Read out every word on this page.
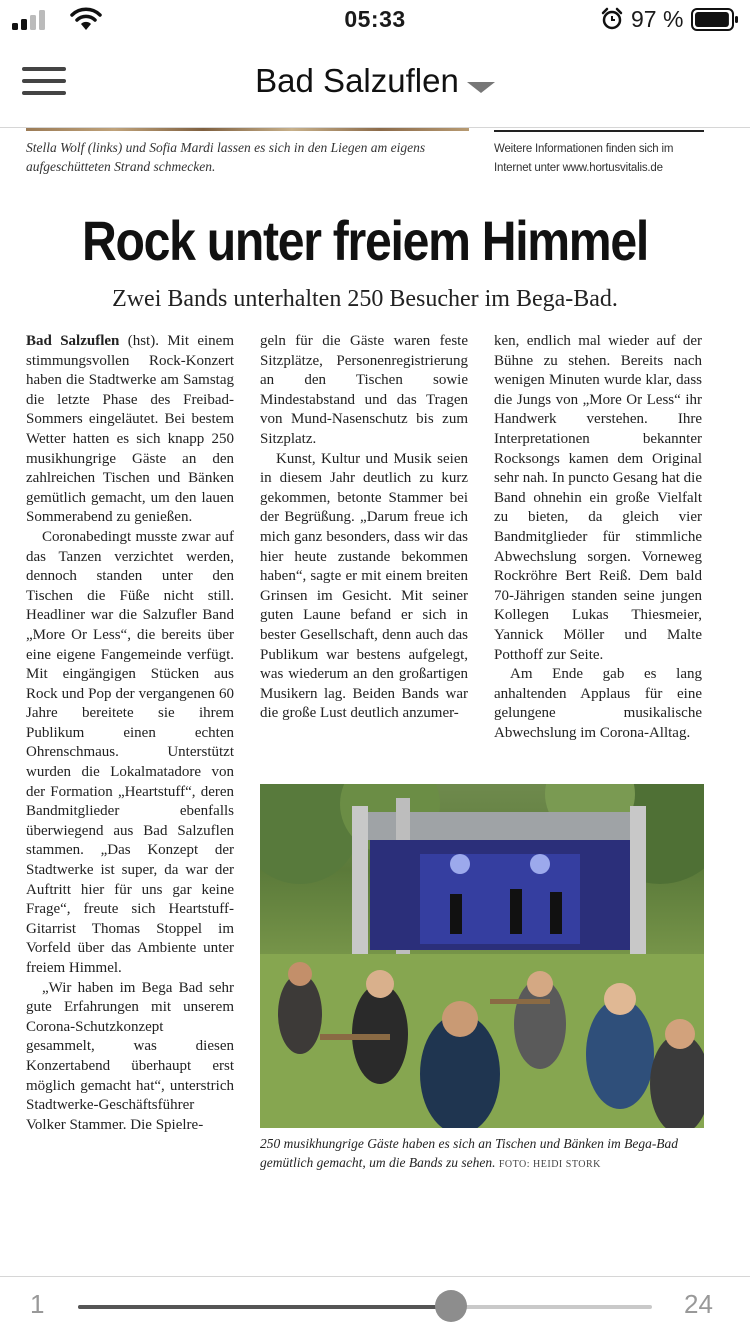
05:33	97 %
Bad Salzuflen
Stella Wolf (links) und Sofia Mardi lassen es sich in den Liegen am eigens aufgeschütteten Strand schmecken.
Weitere Informationen finden sich im Internet unter www.hortusvitalis.de
Rock unter freiem Himmel
Zwei Bands unterhalten 250 Besucher im Bega-Bad.

Bad Salzuflen (hst). Mit einem stimmungsvollen Rock-Konzert haben die Stadtwerke am Samstag die letzte Phase des Freibad-Sommers eingeläutet. Bei bestem Wetter hatten es sich knapp 250 musikhungrige Gäste an den zahlreichen Tischen und Bänken gemütlich gemacht, um den lauen Sommerabend zu genießen.

Coronabedingt musste zwar auf das Tanzen verzichtet werden, dennoch standen unter den Tischen die Füße nicht still. Headliner war die Salzufler Band „More Or Less“, die bereits über eine eigene Fangemeinde verfügt. Mit eingängigen Stücken aus Rock und Pop der vergangenen 60 Jahre bereitete sie ihrem Publikum einen echten Ohrenschmaus. Unterstützt wurden die Lokalmatadore von der Formation „Heartstuff“, deren Bandmitglieder ebenfalls überwiegend aus Bad Salzuflen stammen. „Das Konzept der Stadtwerke ist super, da war der Auftritt hier für uns gar keine Frage“, freute sich Heartstuff-Gitarrist Thomas Stoppel im Vorfeld über das Ambiente unter freiem Himmel.

„Wir haben im Bega Bad sehr gute Erfahrungen mit unserem Corona-Schutzkonzept gesammelt, was diesen Konzertabend überhaupt erst möglich gemacht hat“, unterstrich Stadtwerke-Geschäftsführer Volker Stammer. Die Spielre-

geln für die Gäste waren feste Sitzplätze, Personenregistrierung an den Tischen sowie Mindestabstand und das Tragen von Mund-Nasenschutz bis zum Sitzplatz.

Kunst, Kultur und Musik seien in diesem Jahr deutlich zu kurz gekommen, betonte Stammer bei der Begrüßung. „Darum freue ich mich ganz besonders, dass wir das hier heute zustande bekommen haben“, sagte er mit einem breiten Grinsen im Gesicht. Mit seiner guten Laune befand er sich in bester Gesellschaft, denn auch das Publikum war bestens aufgelegt, was wiederum an den großartigen Musikern lag. Beiden Bands war die große Lust deutlich anzumer-

ken, endlich mal wieder auf der Bühne zu stehen. Bereits nach wenigen Minuten wurde klar, dass die Jungs von „More Or Less“ ihr Handwerk verstehen. Ihre Interpretationen bekannter Rocksongs kamen dem Original sehr nah. In puncto Gesang hat die Band ohnehin ein große Vielfalt zu bieten, da gleich vier Bandmitglieder für stimmliche Abwechslung sorgen. Vorneweg Rockröhre Bert Reiß. Dem bald 70-Jährigen standen seine jungen Kollegen Lukas Thiesmeier, Yannick Möller und Malte Potthoff zur Seite.

Am Ende gab es lang anhaltenden Applaus für eine gelungene musikalische Abwechslung im Corona-Alltag.

250 musikhungrige Gäste haben es sich an Tischen und Bänken im Bega-Bad gemütlich gemacht, um die Bands zu sehen. FOTO: HEIDI STORK
1	24
